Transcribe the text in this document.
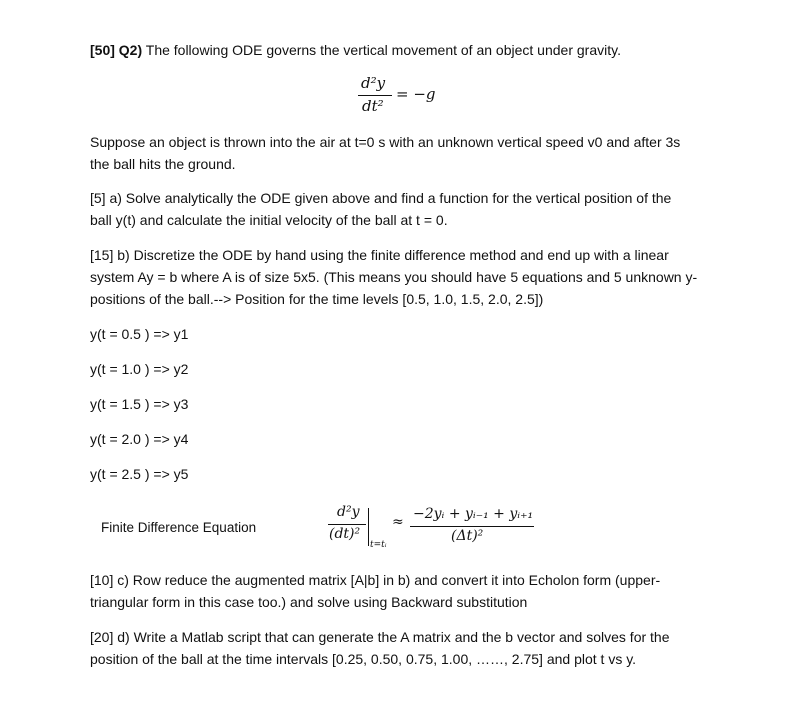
[50] Q2) The following ODE governs the vertical movement of an object under gravity.
d²y
dt²
= −g
Suppose an object is thrown into the air at t=0 s with an unknown vertical speed v0 and after 3s
the ball hits the ground.
[5] a) Solve analytically the ODE given above and find a function for the vertical position of the
ball y(t) and calculate the initial velocity of the ball at t = 0.
[15] b) Discretize the ODE by hand using the finite difference method and end up with a linear
system Ay = b where A is of size 5x5. (This means you should have 5 equations and 5 unknown y-
positions of the ball.--> Position for the time levels [0.5, 1.0, 1.5, 2.0, 2.5])
y(t = 0.5 ) => y1
y(t = 1.0 ) => y2
y(t = 1.5 ) => y3
y(t = 2.0 ) => y4
y(t = 2.5 ) => y5
Finite Difference Equation
d²y
(dt)²
t=tᵢ
≈ −2yᵢ + yᵢ₋₁ + yᵢ₊₁
(Δt)²
[10] c) Row reduce the augmented matrix [A|b] in b) and convert it into Echolon form (upper-
triangular form in this case too.) and solve using Backward substitution
[20] d) Write a Matlab script that can generate the A matrix and the b vector and solves for the
position of the ball at the time intervals [0.25, 0.50, 0.75, 1.00, ……, 2.75] and plot t vs y.
